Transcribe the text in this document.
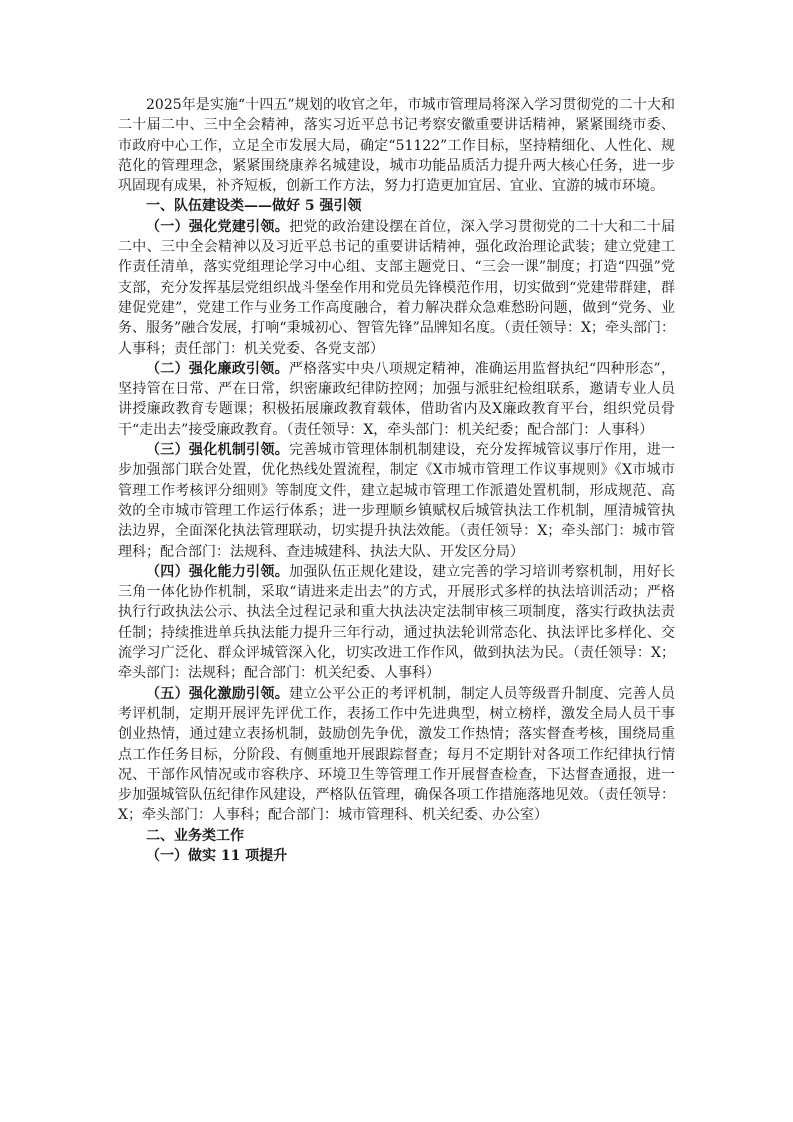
2025年是实施“十四五”规划的收官之年，市城市管理局将深入学习贯彻党的二十大和二十届二中、三中全会精神，落实习近平总书记考察安徽重要讲话精神，紧紧围绕市委、市政府中心工作，立足全市发展大局，确定“51122”工作目标，坚持精细化、人性化、规范化的管理理念，紧紧围绕康养名城建设，城市功能品质活力提升两大核心任务，进一步巩固现有成果，补齐短板，创新工作方法，努力打造更加宜居、宜业、宜游的城市环境。

一、队伍建设类——做好 5 强引领

（一）强化党建引领。把党的政治建设摆在首位，深入学习贯彻党的二十大和二十届二中、三中全会精神以及习近平总书记的重要讲话精神，强化政治理论武装；建立党建工作责任清单，落实党组理论学习中心组、支部主题党日、“三会一课”制度；打造“四强”党支部，充分发挥基层党组织战斗堡垒作用和党员先锋模范作用，切实做到“党建带群建，群建促党建”，党建工作与业务工作高度融合，着力解决群众急难愁盼问题，做到“党务、业务、服务”融合发展，打响“秉城初心、智管先锋”品牌知名度。（责任领导：X；牵头部门：人事科；责任部门：机关党委、各党支部）

（二）强化廉政引领。严格落实中央八项规定精神，准确运用监督执纪“四种形态”，坚持管在日常、严在日常，织密廉政纪律防控网；加强与派驻纪检组联系，邀请专业人员讲授廉政教育专题课；积极拓展廉政教育载体，借助省内及X廉政教育平台，组织党员骨干“走出去”接受廉政教育。（责任领导：X，牵头部门：机关纪委；配合部门：人事科）

（三）强化机制引领。完善城市管理体制机制建设，充分发挥城管议事厅作用，进一步加强部门联合处置，优化热线处置流程，制定《X市城市管理工作议事规则》《X市城市管理工作考核评分细则》等制度文件，建立起城市管理工作派遣处置机制，形成规范、高效的全市城市管理工作运行体系；进一步理顺乡镇赋权后城管执法工作机制，厘清城管执法边界，全面深化执法管理联动，切实提升执法效能。（责任领导：X；牵头部门：城市管理科；配合部门：法规科、查违城建科、执法大队、开发区分局）

（四）强化能力引领。加强队伍正规化建设，建立完善的学习培训考察机制，用好长三角一体化协作机制，采取“请进来走出去”的方式，开展形式多样的执法培训活动；严格执行行政执法公示、执法全过程记录和重大执法决定法制审核三项制度，落实行政执法责任制；持续推进单兵执法能力提升三年行动，通过执法轮训常态化、执法评比多样化、交流学习广泛化、群众评城管深入化，切实改进工作作风，做到执法为民。（责任领导：X；牵头部门：法规科；配合部门：机关纪委、人事科）

（五）强化激励引领。建立公平公正的考评机制，制定人员等级晋升制度、完善人员考评机制，定期开展评先评优工作，表扬工作中先进典型，树立榜样，激发全局人员干事创业热情，通过建立表扬机制，鼓励创先争优，激发工作热情；落实督查考核，围绕局重点工作任务目标，分阶段、有侧重地开展跟踪督查；每月不定期针对各项工作纪律执行情况、干部作风情况或市容秩序、环境卫生等管理工作开展督查检查，下达督查通报，进一步加强城管队伍纪律作风建设，严格队伍管理，确保各项工作措施落地见效。（责任领导：X；牵头部门：人事科；配合部门：城市管理科、机关纪委、办公室）

二、业务类工作

（一）做实 11 项提升
